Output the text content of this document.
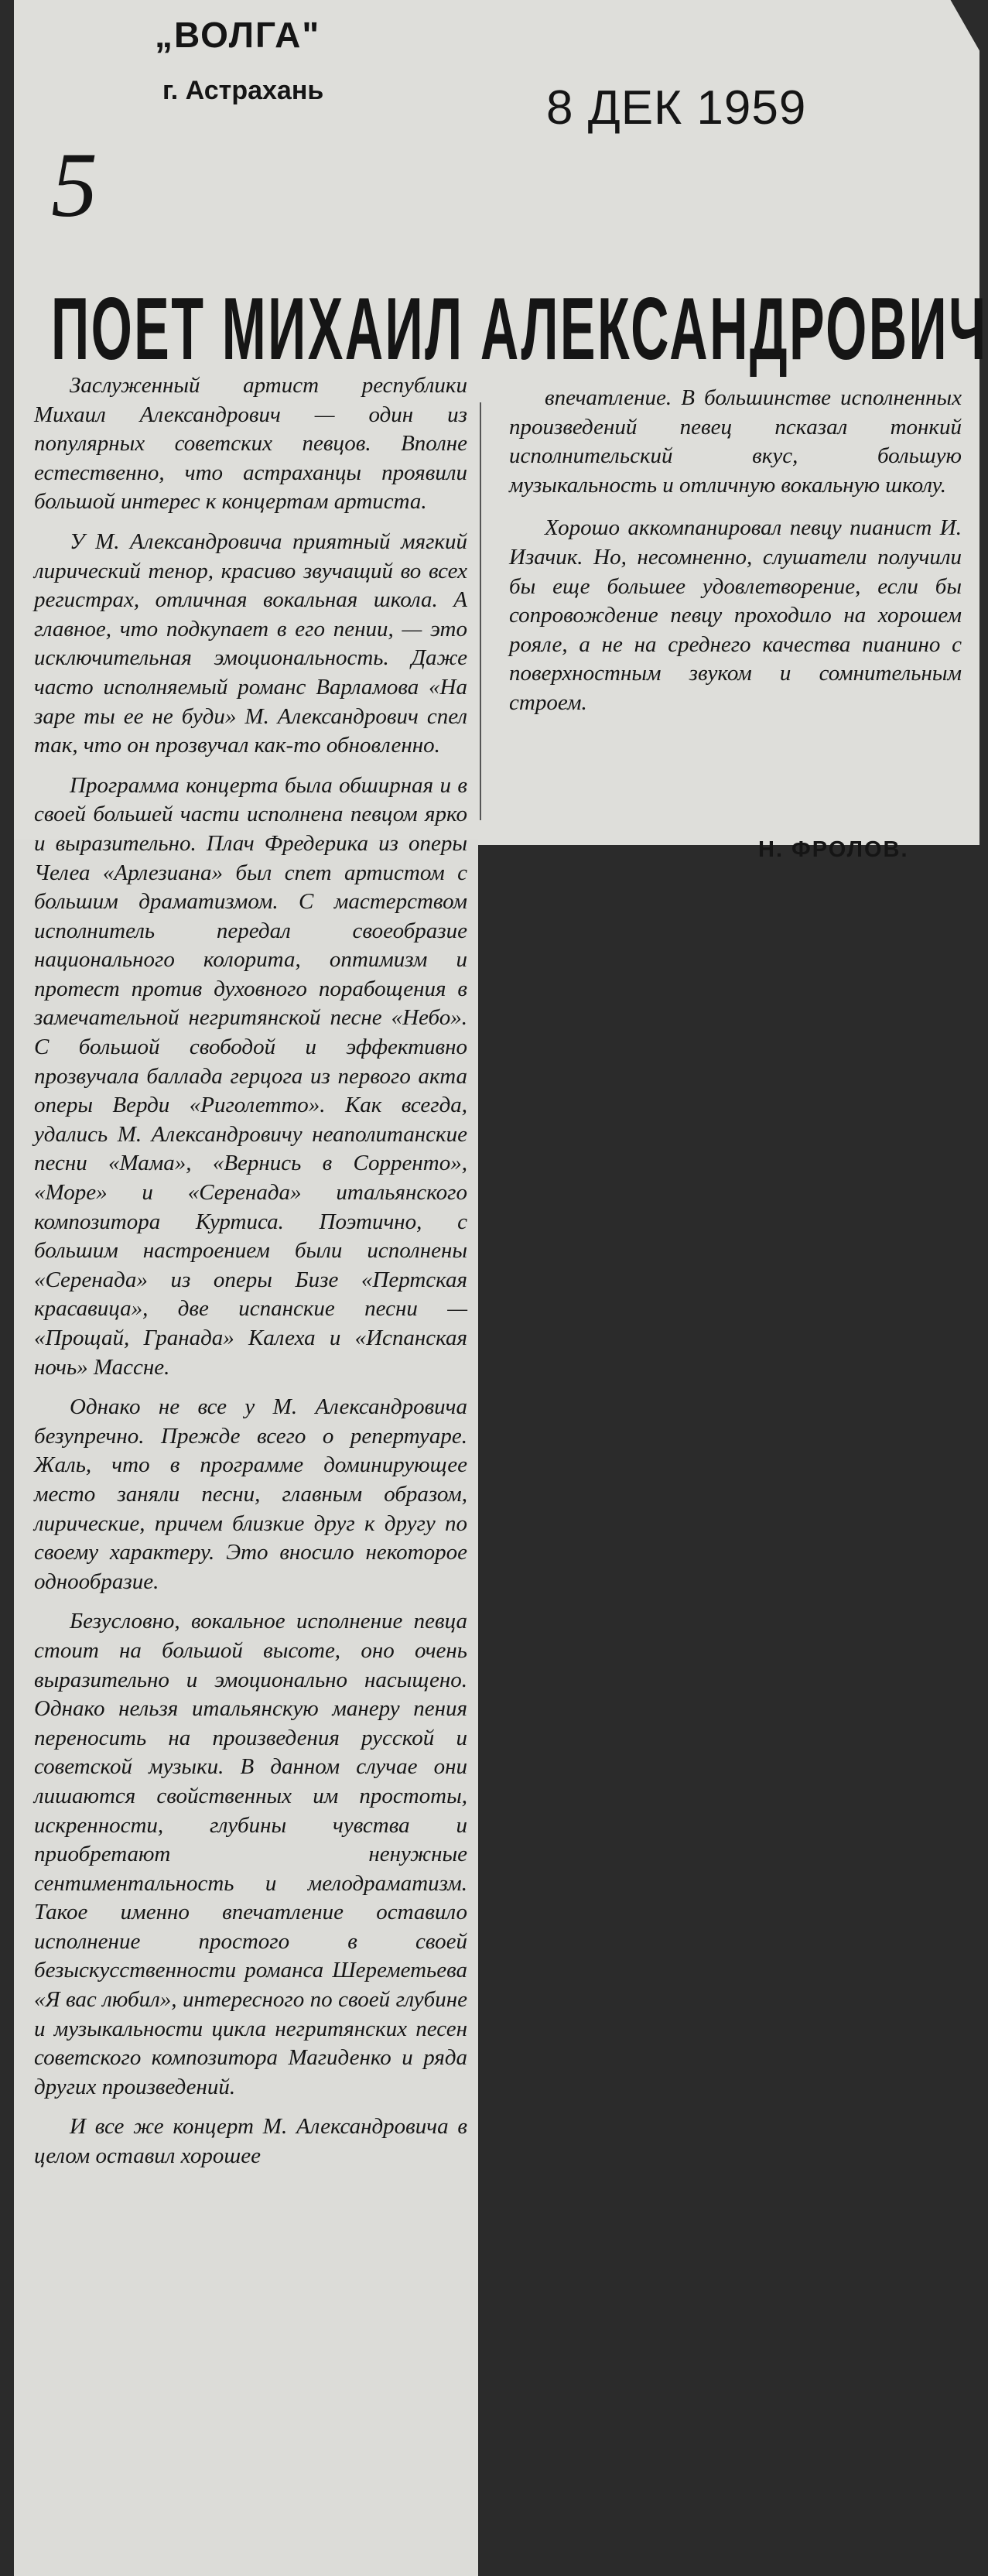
„ВОЛГА"
г. Астрахань	8 ДЕК 1959
5
ПОЕТ МИХАИЛ АЛЕКСАНДРОВИЧ

Заслуженный артист республики Михаил Александрович — один из популярных советских певцов. Вполне естественно, что астраханцы проявили большой интерес к концертам артиста.

У М. Александровича приятный мягкий лирический тенор, красиво звучащий во всех регистрах, отличная вокальная школа. А главное, что подкупает в его пении, — это исключительная эмоциональность. Даже часто исполняемый романс Варламова «На заре ты ее не буди» М. Александрович спел так, что он прозвучал как-то обновленно.

Программа концерта была обширная и в своей большей части исполнена певцом ярко и выразительно. Плач Фредерика из оперы Челеа «Арлезиана» был спет артистом с большим драматизмом. С мастерством исполнитель передал своеобразие национального колорита, оптимизм и протест против духовного порабощения в замечательной негритянской песне «Небо». С большой свободой и эффективно прозвучала баллада герцога из первого акта оперы Верди «Риголетто». Как всегда, удались М. Александровичу неаполитанские песни «Мама», «Вернись в Сорренто», «Море» и «Серенада» итальянского композитора Куртиса. Поэтично, с большим настроением были исполнены «Серенада» из оперы Бизе «Пертская красавица», две испанские песни — «Прощай, Гранада» Калеха и «Испанская ночь» Массне.

Однако не все у М. Александровича безупречно. Прежде всего о репертуаре. Жаль, что в программе доминирующее место заняли песни, главным образом, лирические, причем близкие друг к другу по своему характеру. Это вносило некоторое однообразие.

Безусловно, вокальное исполнение певца стоит на большой высоте, оно очень выразительно и эмоционально насыщено. Однако нельзя итальянскую манеру пения переносить на произведения русской и советской музыки. В данном случае они лишаются свойственных им простоты, искренности, глубины чувства и приобретают ненужные сентиментальность и мелодраматизм. Такое именно впечатление оставило исполнение простого в своей безыскусственности романса Шереметьева «Я вас любил», интересного по своей глубине и музыкальности цикла негритянских песен советского композитора Магиденко и ряда других произведений.

И все же концерт М. Александровича в целом оставил хорошее

впечатление. В большинстве исполненных произведений певец пскaзaл тонкий исполнительский вкус, большую музыкальность и отличную вокальную школу.

Хорошо аккомпанировал певцу пианист И. Изачик. Но, несомненно, слушатели получили бы еще большее удовлетворение, если бы сопровождение певцу проходило на хорошем рояле, а не на среднего качества пианино с поверхностным звуком и сомнительным строем.

Н. ФРОЛОВ.
